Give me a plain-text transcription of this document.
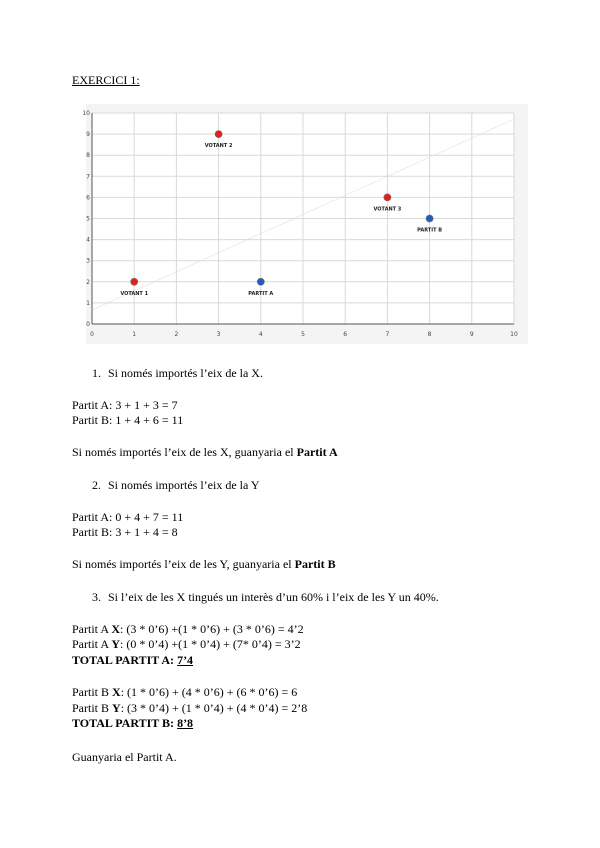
EXERCICI 1:
0	1	2	3	4	5	6	7	8	9	10
0
1
2
3
4
5
6
7
8
9
10
VOTANT 1
VOTANT 2
VOTANT 3
PARTIT A
PARTIT B
1. Si només importés l’eix de la X.
Partit A: 3 + 1 + 3 = 7
Partit B: 1 + 4 + 6 = 11
Si només importés l’eix de les X, guanyaria el Partit A
2. Si només importés l’eix de la Y
Partit A: 0 + 4 + 7 = 11
Partit B: 3 + 1 + 4 = 8
Si només importés l’eix de les Y, guanyaria el Partit B
3. Si l’eix de les X tingués un interès d’un 60% i l’eix de les Y un 40%.
Partit A X: (3 * 0’6) +(1 * 0’6) + (3 * 0’6) = 4’2
Partit A Y: (0 * 0’4) +(1 * 0’4) + (7* 0’4) = 3’2
TOTAL PARTIT A: 7’4
Partit B X: (1 * 0’6) + (4 * 0’6) + (6 * 0’6) = 6
Partit B Y: (3 * 0’4) + (1 * 0’4) + (4 * 0’4) = 2’8
TOTAL PARTIT B: 8’8
Guanyaria el Partit A.
